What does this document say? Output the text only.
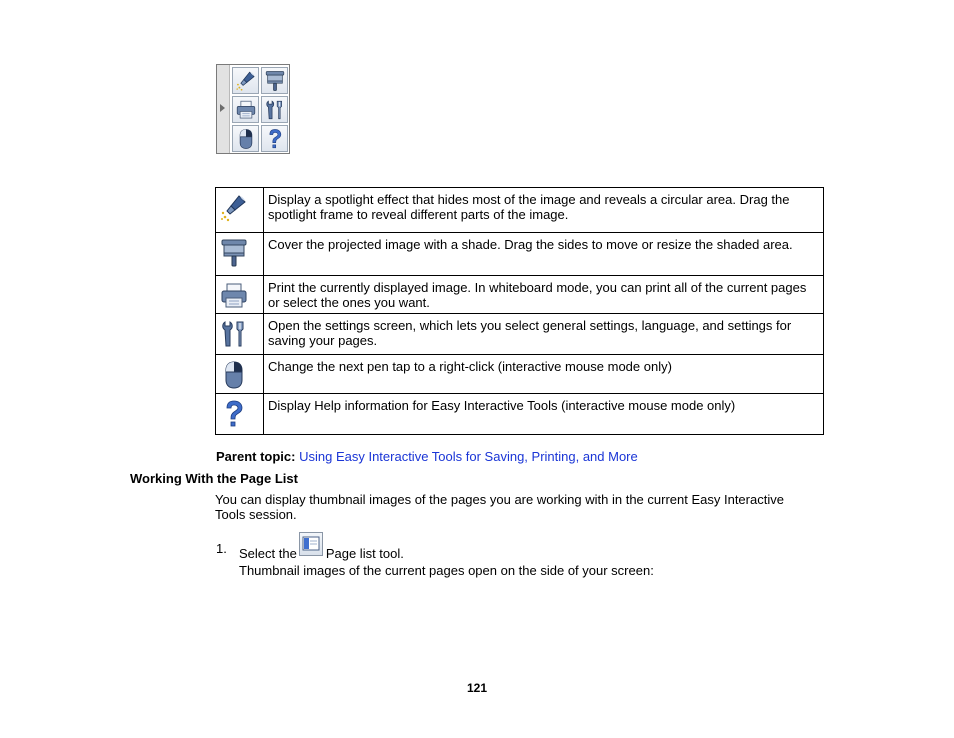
	Display a spotlight effect that hides most of the image and reveals a circular area. Drag the spotlight frame to reveal different parts of the image.

	Cover the projected image with a shade. Drag the sides to move or resize the shaded area.

	Print the currently displayed image. In whiteboard mode, you can print all of the current pages or select the ones you want.

	Open the settings screen, which lets you select general settings, language, and settings for saving your pages.

	Change the next pen tap to a right-click (interactive mouse mode only)

	Display Help information for Easy Interactive Tools (interactive mouse mode only)
Parent topic: Using Easy Interactive Tools for Saving, Printing, and More
Working With the Page List
You can display thumbnail images of the pages you are working with in the current Easy Interactive Tools session.
1. Select the Page list tool.
Thumbnail images of the current pages open on the side of your screen:
121
